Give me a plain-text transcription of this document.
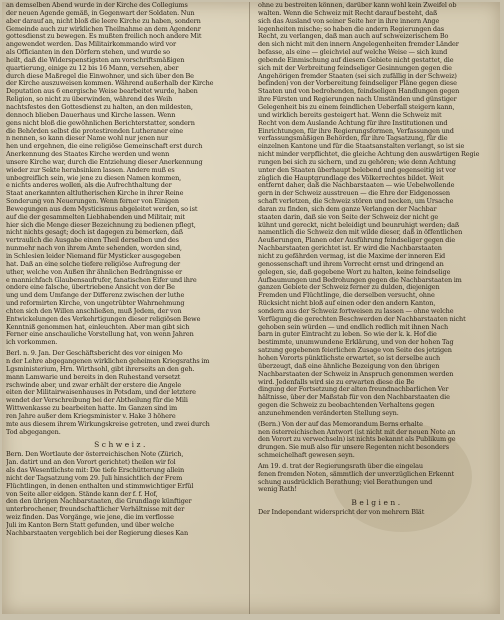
an demselben Abend wurde in der Kirche des Collegiums
der neuen Agende gemäß, in Gegenwart der Soldaten. Nun
aber darauf an, nicht bloß die leere Kirche zu haben, sondern
Gemeinde auch zur wirklichen Theilnahme an dem Agendenr
gottesdienst zu bewegen. Es mußten freilich noch andere Mit
angewendet werden. Das Militairkommando wird vor
als Officianten in den Dörfern stehen, und wurde so
heilt, daß die Widerspenstigsten am vorschriftsmäßigen
quartierung, einige zu 12 bis 16 Mann, versehen, aber
durch diese Maßregel die Einwohner, und sich über den Be
der Kirche auszuweisen kommen. Während außerhalb der Kirche
Deputation aus 6 energische Weise bearbeitet wurde, haben
Religion, so nicht zu überwinden, während des Weih
nachtsfestes den Gottesdienst zu halten, an den mildesten,
dennoch blieben Dauerhaus und Kirche lassen. Wenn
gens nicht bloß die gewöhnlichen Berichterstatter, sondern
die Behörden selbst die protestirenden Lutheraner eine
n nennen, so kann dieser Name wohl nur jenen nur
hen und ergehnen, die eine religiöse Gemeinschaft erst durch
Anerkennung des Staates Kirche werden und wenn
unsere Kirche war, durch die Entziehung dieser Anerkennung
wieder zur Sekte herabsinken lassen. Andere muß es
unbegreiflich sein, wie jene zu diesen Namen kommen,
e nichts anderes wollen, als die Aufrechthaltung der
Staat anerkannten altlutherischen Kirche in ihrer Reine
Sonderung von Neuerungen. Wenn ferner von Einigen
Bewegungen aus dem Mysticismus abgeleitet werden, so ist
auf die der gesammelten Liebhabenden und Militair, mit
hier sich die Menge dieser Bezeichnung zu bedienen pflegt,
nicht nichts gesagt; doch ist dagegen zu bemerken, daß
vertraulich die Ausgabe einen Theil derselben und des
nunmehr nach von ihrem Amte sehenden, worden sind,
in Schlesien leider Niemand für Mysticker ausgegeben
hat. Daß an eine solche tiefere religiöse Aufregung der
uther, welche von Außen ihr ähnlichen Bedrängnisse er
e mannichfach Glaubensaufrufer, fanatischen Eifer und ihre
ondere eine falsche, übertriebene Ansicht von der Be
ung und dem Umfange der Differenz zwischen der luthe
und reformirten Kirche, von ungetrübter Wahrnehmung
chten sich den Willen anschließen, muß Jedem, der von
Entwickelungen des Verkehrtigungen dieser religiösen Bewe
Kenntniß genommen hat, einleuchten. Aber man gibt sich
Ferner eine anschauliche Vorstellung hat, von wenn Jahren
ich vorkommen.
Berl. n. 9. Jan. Der Geschäftsbericht des vor einigen Mo
n der Lehre abgegangenen wirklichen geheimen Kriegsraths im
Lgsministerium, Hrn. Wirthsohl, gibt ihrerseits an den geh.
mann Lamwarie und bereits in den Ruhestand versetzt
rschwinde aber, und zwar erhält der erstere die Angele
eiten der Militairwaisenhauses in Potsdam, und der letztere
wendet der Verschreibung bei der Abtheilung für die Mili
Wittwenkasse zu bearbeiten hatte. Im Ganzen sind im
ren Jahre außer dem Kriegsminister v. Hake 3 höhere
mte aus diesem ihrem Wirkungskreise getreten, und zwei durch
Tod abgegangen.
Schweiz.
Bern. Den Wortlaute der österreichischen Note (Zürich,
Jan. datirt und an den Vorort gerichtet) theilen wir fol
als das Wesentlichste mit: Die tiefe Erschütterung allein
nicht der Tagsatzung vom 29. Juli hinsichtlich der Frem
Flüchtlingen, in denen enthalten und stimmwichtiger Erfül
von Seite aller eidgen. Stände kann der f. f. Hof,
den den übrigen Nachbarstaaten, die Grundlage künftiger
unterbrochener, freundschaftlicher Verhältnisse mit der
weiz finden. Das Vorgänge, wie jene, die im verflosse
Juli im Kanton Bern Statt gefunden, und über welche
Nachbarstaaten vergeblich bei der Regierung dieses Kan
ohne zu bestreiten können, darüber kann wohl kein Zweifel ob
walten. Wenn die Schweiz mit Recht darauf besteht, daß
sich das Ausland von seiner Seite her in ihre innern Ange
legenheiten mische; so haben die andern Regierungen das
Recht, zu verlangen, daß man auch auf schweizerischem Bo
den sich nicht mit den innern Angelegenheiten fremder Länder
befasse, als eine — gleichviel auf welche Weise — sich kund
gebende Einmischung auf diesem Gebiete nicht gestattet, die
sich mit der Verbreitung feindseliger Gesinnungen gegen die
Angehörigen fremder Staaten (sei sich zufällig in der Schweiz)
befinden) von der Vorbereitung feindseliger Pläne gegen diese
Staaten und von bedrohenden, feindseligen Handlungen gegen
ihre Fürsten und Regierungen nach Umständen und günstiger
Gelegenheit bis zu einem feindlichen Ueberfall steigern kann,
und wirklich bereits gesteigert hat. Wenn die Schweiz mit
Recht von dem Auslande Achtung für ihre Institutionen und
Einrichtungen, für ihre Regierungsformen, Verfassungen und
verfassungsmäßigen Behörden, für ihre Tagsatzung, für die
einzelnen Kantone und für die Staatsanstalten verlangt, so ist sie
nicht minder verpflichtet, die gleiche Achtung den auswärtigen Regie
rungen bei sich zu sichern, und zu gehören; wie denn Achtung
unter den Staaten überhaupt belebend und gegenseitig ist vor
züglich die Hauptgrundlage des Völkerrechtes bildet. Weit
entfernt daher, daß die Nachbarstaaten — wie Uebelwollende
gern in der Schweiz ausstreuen — die Ehre der Eidgenossen
schaft verletzen, die Schweiz stören und necken, um Ursache
daran zu finden, sich dem ganze Verlangen der Nachbar
staaten darin, daß sie von Seite der Schweiz der nicht ge
kühnt und gereckt, nicht beleidigt und beunruhigt werden; daß
namentlich die Schweiz den mit wilde dieser, daß in öffentlichen
Aeußerungen, Planen oder Ausführung feindseliger gegen die
Nachbarstaaten gerichtet ist. Er wird die Nachbarstaaten
nicht zu gefährden vermag, ist die Maxime der inneren Eid
genossenschaft und ihrem Vorrecht ernst und dringend an
gelegen, sie, daß gegebene Wort zu halten, keine feindselige
Aufbaumungen und Bedrohungen gegen die Nachbarstaaten im
ganzen Gebiete der Schweiz ferner zu dulden, diejenigen
Fremden und Flüchtlinge, die derselben versucht, ohne
Rücksicht nicht bloß auf einen oder den andern Kanton,
sondern aus der Schweiz fortweisen zu lassen — ohne welche
Verfügung die gerechten Beschwerden der Nachbarstaaten nicht
gehoben sein würden — und endlich redlich mit ihnen Nach
barn in guter Eintracht zu leben. So wie der k. k. Hof die
bestimmte, unumwundene Erklärung, und von der hohen Tag
satzung gegebenen feierlichen Zusage von Seite des jetzigen
hohen Vororts pünktlichste erwartet, so ist derselbe auch
überzeugt, daß eine ähnliche Bezeigung von den übrigen
Nachbarstaaten der Schweiz in Anspruch genommen werden
wird. Jedenfalls wird sie zu erwarten diese die Be
dingung der Fortsetzung der alten freundnachbarlichen Ver
hältnisse, über der Maßstab für von den Nachbarstaaten die
gegen die Schweiz zu beobachtenden Verhaltens gegen
anzunehmenden veränderten Stellung seyn.
(Bern.) Von der auf das Memorandum Berns erhalte
nen österreichischen Antwort (ist nicht mit der neuen Note an
den Vorort zu verwechseln) ist nichts bekannt als Publikum ge
drungen. Sie muß also für unsere Regenten nicht besonders
schmeichelhaft gewesen seyn.
Am 19. d. trat der Regierungsrath über die eingelau
fenen fremden Noten, sämmtlich der unverzüglichen Erkennt
schung ausdrücklich Berathung; viel Berathungen und
wenig Rath!
Belgien.
Der Independant widerspricht der von mehrern Blät
